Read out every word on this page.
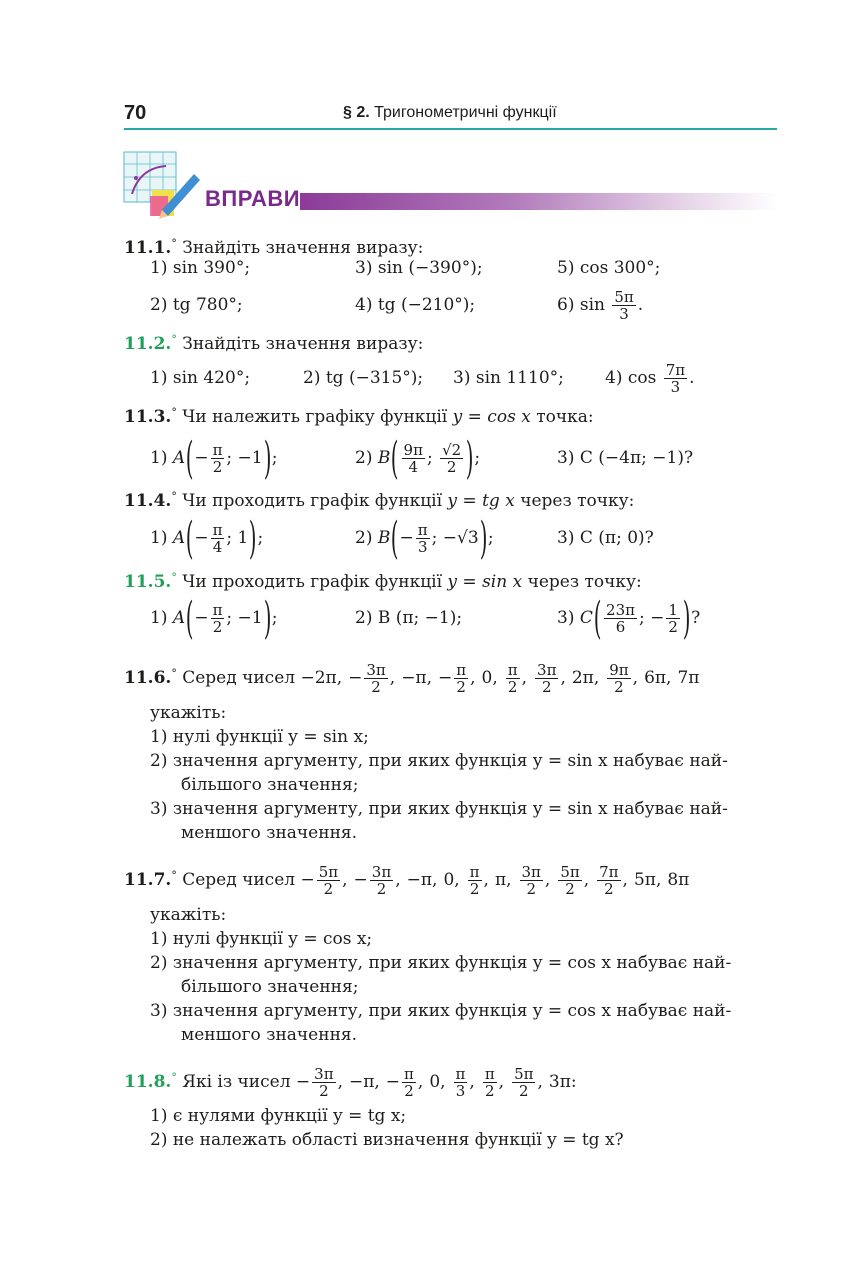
70	§ 2. Тригонометричні функції
ВПРАВИ
11.1.° Знайдіть значення виразу:
1) sin 390°;	3) sin (−390°);	5) cos 300°;
2) tg 780°;	4) tg (−210°);	6) $\sin \frac{5\pi}{3}$ .
11.2.° Знайдіть значення виразу:
1) sin 420°;	2) tg (−315°); 3) sin 1110°; 4) $\cos \frac{7\pi}{3}$ .
11.3.° Чи належить графіку функції y = cos x точка:
1) $A(- \frac{\pi}{2}$ ; −1);	2) $B( \frac{9\pi}{4}$ ; $\frac{√2}{2}$ );	3) C (−4π; −1)?
11.4.° Чи проходить графік функції y = tg x через точку:
1) $A(- \frac{\pi}{4}$ ; 1);	2) $B(- \frac{\pi}{3}$ ; −√3);	3) C (π; 0)?
11.5.° Чи проходить графік функції y = sin x через точку:
1) $A(- \frac{\pi}{2}$ ; −1);	2) B (π; −1);	3) $C( \frac{23\pi}{6}$ ; − $\frac{1}{2}$ )?
11.6.° Серед чисел −2π, − $\frac{3\pi}{2}$ , −π, − $\frac{\pi}{2}$ , 0, $\frac{\pi}{2}$ , $\frac{3\pi}{2}$ , 2π, $\frac{9\pi}{2}$ , 6π, 7π
укажіть:
1) нулі функції y = sin x;
2) значення аргументу, при яких функція y = sin x набуває най-
більшого значення;
3) значення аргументу, при яких функція y = sin x набуває най-
меншого значення.
11.7.° Серед чисел − $\frac{5\pi}{2}$ , − $\frac{3\pi}{2}$ , −π, 0, $\frac{\pi}{2}$ , π, $\frac{3\pi}{2}$ , $\frac{5\pi}{2}$ , $\frac{7\pi}{2}$ , 5π, 8π
укажіть:
1) нулі функції y = cos x;
2) значення аргументу, при яких функція y = cos x набуває най-
більшого значення;
3) значення аргументу, при яких функція y = cos x набуває най-
меншого значення.
11.8.° Які із чисел − $\frac{3\pi}{2}$ , −π, − $\frac{\pi}{2}$ , 0, $\frac{\pi}{3}$ , $\frac{\pi}{2}$ , $\frac{5\pi}{2}$ , 3π:
1) є нулями функції y = tg x;
2) не належать області визначення функції y = tg x?
